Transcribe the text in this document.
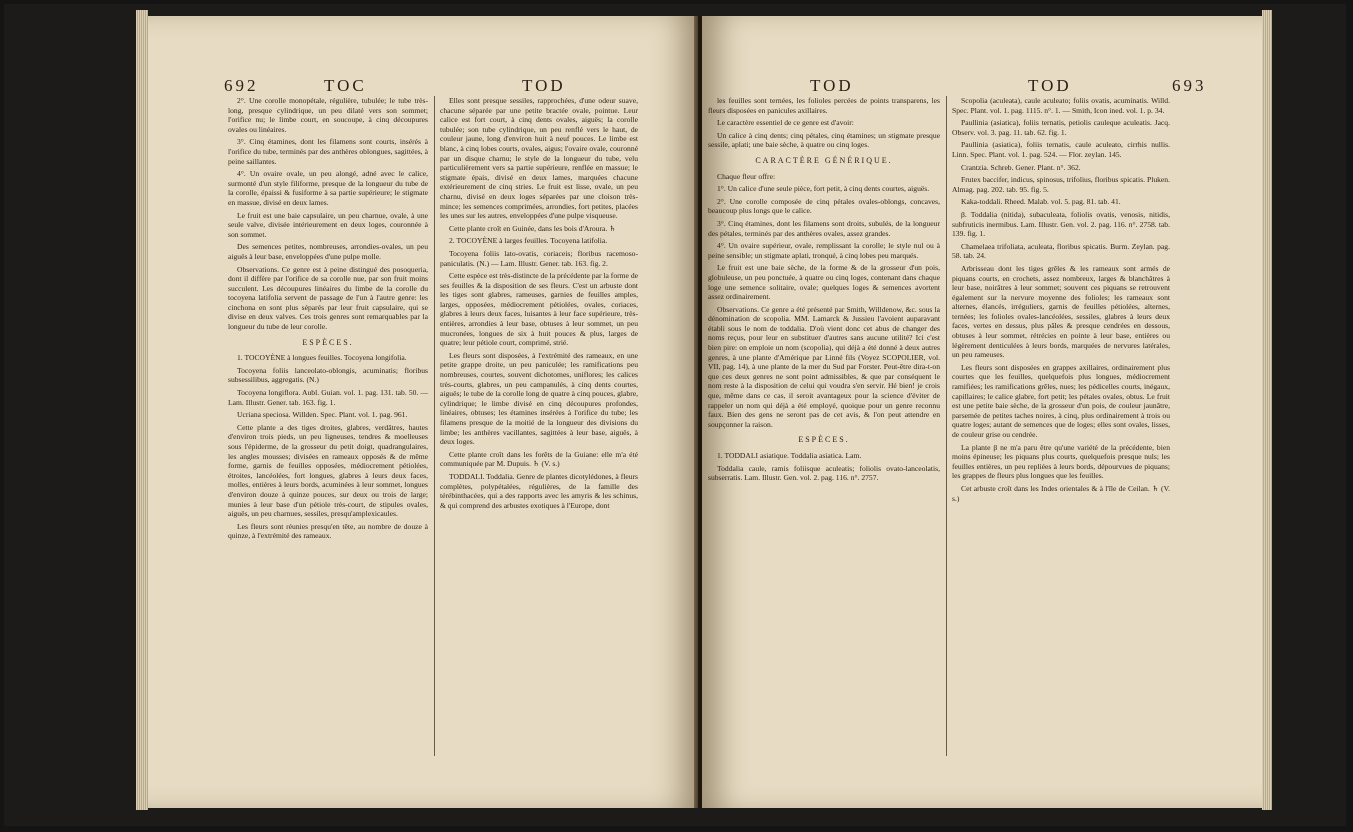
692	TOC	TOD

2°. Une corolle monopétale, régulière, tubulée; le tube très-long, presque cylindrique, un peu dilaté vers son sommet; l'orifice nu; le limbe court, en soucoupe, à cinq découpures ovales ou linéaires.

3°. Cinq étamines, dont les filamens sont courts, insérés à l'orifice du tube, terminés par des anthères oblongues, sagittées, à peine saillantes.

4°. Un ovaire ovale, un peu alongé, adné avec le calice, surmonté d'un style filiforme, presque de la longueur du tube de la corolle, épaissi & fusiforme à sa partie supérieure; le stigmate en massue, divisé en deux lames.

Le fruit est une baie capsulaire, un peu charnue, ovale, à une seule valve, divisée intérieurement en deux loges, couronnée à son sommet.

Des semences petites, nombreuses, arrondies-ovales, un peu aiguës à leur base, enveloppées d'une pulpe molle.

Observations. Ce genre est à peine distingué des posoqueria, dont il diffère par l'orifice de sa corolle nue, par son fruit moins succulent. Les découpures linéaires du limbe de la corolle du tocoyena latifolia servent de passage de l'un à l'autre genre: les cinchona en sont plus séparés par leur fruit capsulaire, qui se divise en deux valves. Ces trois genres sont remarquables par la longueur du tube de leur corolle.

ESPÈCES.

1. TOCOYÈNE à longues feuilles. Tocoyena longifolia.

Tocoyena foliis lanceolato-oblongis, acuminatis; floribus subsessilibus, aggregatis. (N.)

Tocoyena longiflora. Aubl. Guian. vol. 1. pag. 131. tab. 50. — Lam. Illustr. Gener. tab. 163. fig. 1.

Ucriana speciosa. Willden. Spec. Plant. vol. 1. pag. 961.

Cette plante a des tiges droites, glabres, verdâtres, hautes d'environ trois pieds, un peu ligneuses, tendres & moelleuses sous l'épiderme, de la grosseur du petit doigt, quadrangulaires, les angles mousses; divisées en rameaux opposés & de même forme, garnis de feuilles opposées, médiocrement pétiolées, étroites, lancéolées, fort longues, glabres à leurs deux faces, molles, entières à leurs bords, acuminées à leur sommet, longues d'environ douze à quinze pouces, sur deux ou trois de large; munies à leur base d'un pétiole très-court, de stipules ovales, aiguës, un peu charnues, sessiles, presqu'amplexicaules.

Les fleurs sont réunies presqu'en tête, au nombre de douze à quinze, à l'extrémité des rameaux.

Elles sont presque sessiles, rapprochées, d'une odeur suave, chacune séparée par une petite bractée ovale, pointue. Leur calice est fort court, à cinq dents ovales, aiguës; la corolle tubulée; son tube cylindrique, un peu renflé vers le haut, de couleur jaune, long d'environ huit à neuf pouces. Le limbe est blanc, à cinq lobes courts, ovales, aigus; l'ovaire ovale, couronné par un disque charnu; le style de la longueur du tube, velu particulièrement vers sa partie supérieure, renflée en massue; le stigmate épais, divisé en deux lames, marquées chacune extérieurement de cinq stries. Le fruit est lisse, ovale, un peu charnu, divisé en deux loges séparées par une cloison très-mince; les semences comprimées, arrondies, fort petites, placées les unes sur les autres, enveloppées d'une pulpe visqueuse.

Cette plante croît en Guinée, dans les bois d'Aroura. ♄

2. TOCOYÈNE à larges feuilles. Tocoyena latifolia.

Tocoyena foliis lato-ovatis, coriaceis; floribus racemoso-paniculatis. (N.) — Lam. Illustr. Gener. tab. 163. fig. 2.

Cette espèce est très-distincte de la précédente par la forme de ses feuilles & la disposition de ses fleurs. C'est un arbuste dont les tiges sont glabres, rameuses, garnies de feuilles amples, larges, opposées, médiocrement pétiolées, ovales, coriaces, glabres à leurs deux faces, luisantes à leur face supérieure, très-entières, arrondies à leur base, obtuses à leur sommet, un peu mucronées, longues de six à huit pouces & plus, larges de quatre; leur pétiole court, comprimé, strié.

Les fleurs sont disposées, à l'extrémité des rameaux, en une petite grappe droite, un peu paniculée; les ramifications peu nombreuses, courtes, souvent dichotomes, uniflores; les calices très-courts, glabres, un peu campanulés, à cinq dents courtes, aiguës; le tube de la corolle long de quatre à cinq pouces, glabre, cylindrique; le limbe divisé en cinq découpures profondes, linéaires, obtuses; les étamines insérées à l'orifice du tube; les filamens presque de la moitié de la longueur des divisions du limbe; les anthères vacillantes, sagittées à leur base, aiguës, à deux loges.

Cette plante croît dans les forêts de la Guiane: elle m'a été communiquée par M. Dupuis. ♄ (V. s.)

TODDALI. Toddalia. Genre de plantes dicotylédones, à fleurs complètes, polypétalées, régulières, de la famille des térébinthacées, qui a des rapports avec les amyris & les schinus, & qui comprend des arbustes exotiques à l'Europe, dont

TOD	TOD	693

les feuilles sont ternées, les folioles percées de points transparens, les fleurs disposées en panicules axillaires.

Le caractère essentiel de ce genre est d'avoir:

Un calice à cinq dents; cinq pétales, cinq étamines; un stigmate presque sessile, aplati; une baie sèche, à quatre ou cinq loges.

CARACTÈRE GÉNÉRIQUE.

Chaque fleur offre:

1°. Un calice d'une seule pièce, fort petit, à cinq dents courtes, aiguës.

2°. Une corolle composée de cinq pétales ovales-oblongs, concaves, beaucoup plus longs que le calice.

3°. Cinq étamines, dont les filamens sont droits, subulés, de la longueur des pétales, terminés par des anthères ovales, assez grandes.

4°. Un ovaire supérieur, ovale, remplissant la corolle; le style nul ou à peine sensible; un stigmate aplati, tronqué, à cinq lobes peu marqués.

Le fruit est une baie sèche, de la forme & de la grosseur d'un pois, globuleuse, un peu ponctuée, à quatre ou cinq loges, contenant dans chaque loge une semence solitaire, ovale; quelques loges & semences avortent assez ordinairement.

Observations. Ce genre a été présenté par Smith, Willdenow, &c. sous la dénomination de scopolia. MM. Lamarck & Jussieu l'avoient auparavant établi sous le nom de toddalia. D'où vient donc cet abus de changer des noms reçus, pour leur en substituer d'autres sans aucune utilité? Ici c'est bien pire: on emploie un nom (scopolia), qui déjà a été donné à deux autres genres, à une plante d'Amérique par Linné fils (Voyez SCOPOLIER, vol. VII, pag. 14), à une plante de la mer du Sud par Forster. Peut-être dira-t-on que ces deux genres ne sont point admissibles, & que par conséquent le nom reste à la disposition de celui qui voudra s'en servir. Hé bien! je crois que, même dans ce cas, il seroit avantageux pour la science d'éviter de rappeler un nom qui déjà a été employé, quoique pour un genre reconnu faux. Bien des gens ne seront pas de cet avis, & l'on peut attendre en soupçonner la raison.

ESPÈCES.

1. TODDALI asiatique. Toddalia asiatica. Lam.

Toddalia caule, ramis foliisque aculeatis; foliolis ovato-lanceolatis, subserratis. Lam. Illustr. Gen. vol. 2. pag. 116. n°. 2757.

Scopolia (aculeata), caule aculeato; foliis ovatis, acuminatis. Willd. Spec. Plant. vol. 1. pag. 1115. n°. 1. — Smith, Icon ined. vol. 1. p. 34.

Paullinia (asiatica), foliis ternatis, petiolis cauleque aculeatis. Jacq. Observ. vol. 3. pag. 11. tab. 62. fig. 1.

Paullinia (asiatica), foliis ternatis, caule aculeato, cirrhis nullis. Linn. Spec. Plant. vol. 1. pag. 524. — Flor. zeylan. 145.

Crantzia. Schreb. Gener. Plant. n°. 362.

Frutex baccifer, indicus, spinosus, trifolius, floribus spicatis. Pluken. Almag. pag. 202. tab. 95. fig. 5.

Kaka-toddali. Rheed. Malab. vol. 5. pag. 81. tab. 41.

β. Toddalia (nitida), subaculeata, foliolis ovatis, venosis, nitidis, subfruticis inermibus. Lam. Illustr. Gen. vol. 2. pag. 116. n°. 2758. tab. 139. fig. 1.

Chamelaea trifoliata, aculeata, floribus spicatis. Burm. Zeylan. pag. 58. tab. 24.

Arbrisseau dont les tiges grêles & les rameaux sont armés de piquans courts, en crochets, assez nombreux, larges & blanchâtres à leur base, noirâtres à leur sommet; souvent ces piquans se retrouvent également sur la nervure moyenne des folioles; les rameaux sont alternes, élancés, irréguliers, garnis de feuilles pétiolées, alternes, ternées; les folioles ovales-lancéolées, sessiles, glabres à leurs deux faces, vertes en dessus, plus pâles & presque cendrées en dessous, obtuses à leur sommet, rétrécies en pointe à leur base, entières ou légèrement denticulées à leurs bords, marquées de nervures latérales, un peu rameuses.

Les fleurs sont disposées en grappes axillaires, ordinairement plus courtes que les feuilles, quelquefois plus longues, médiocrement ramifiées; les ramifications grêles, nues; les pédicelles courts, inégaux, capillaires; le calice glabre, fort petit; les pétales ovales, obtus. Le fruit est une petite baie sèche, de la grosseur d'un pois, de couleur jaunâtre, parsemée de petites taches noires, à cinq, plus ordinairement à trois ou quatre loges; autant de semences que de loges; elles sont ovales, lisses, de couleur grise ou cendrée.

La plante β ne m'a paru être qu'une variété de la précédente, bien moins épineuse; les piquans plus courts, quelquefois presque nuls; les feuilles entières, un peu repliées à leurs bords, dépourvues de piquans; les grappes de fleurs plus longues que les feuilles.

Cet arbuste croît dans les Indes orientales & à l'île de Ceilan. ♄ (V. s.)
